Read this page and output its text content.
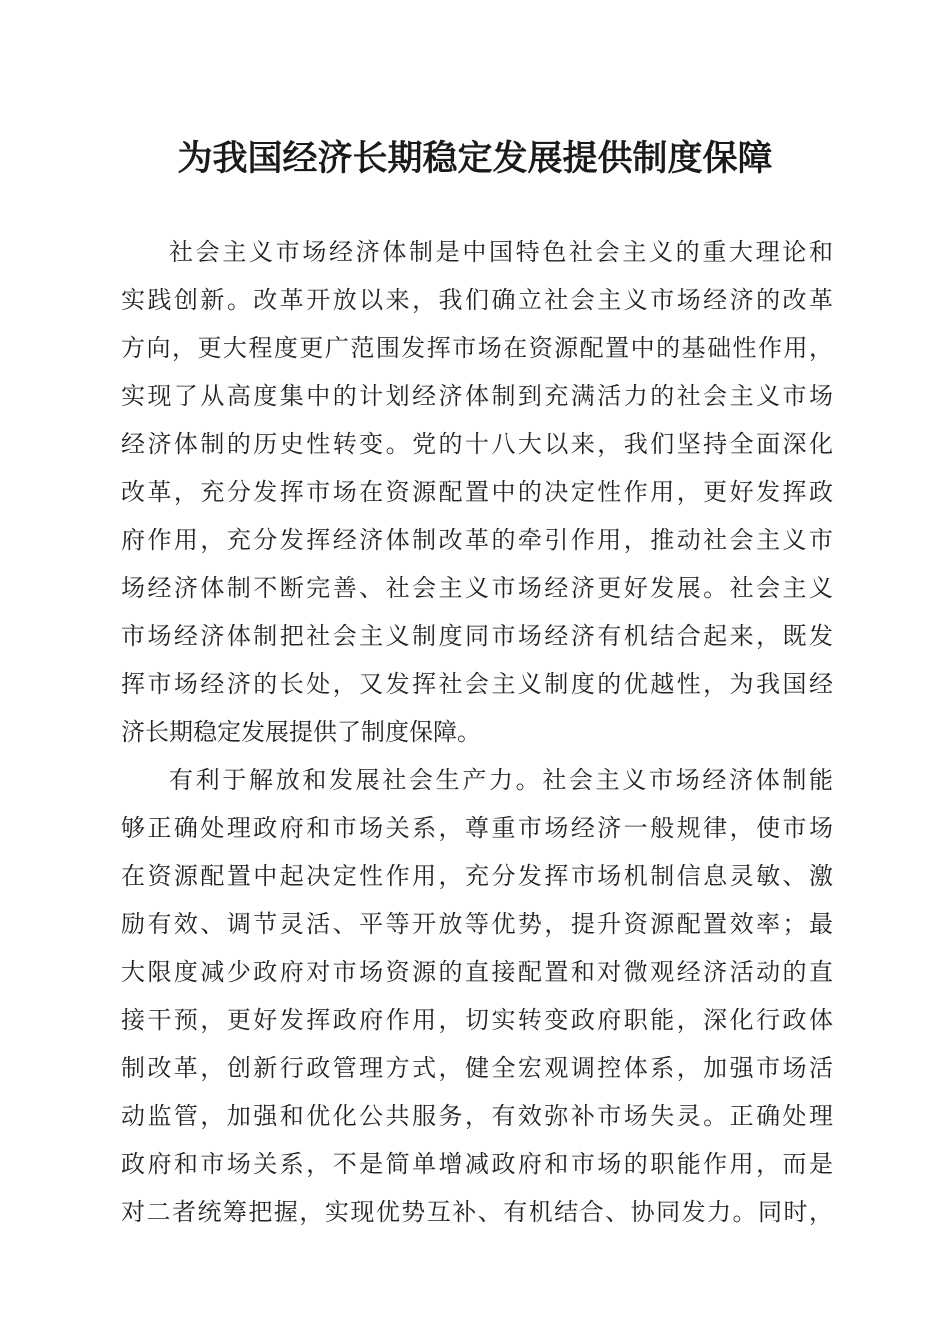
为我国经济长期稳定发展提供制度保障
社会主义市场经济体制是中国特色社会主义的重大理论和
实践创新。改革开放以来，我们确立社会主义市场经济的改革
方向，更大程度更广范围发挥市场在资源配置中的基础性作用，
实现了从高度集中的计划经济体制到充满活力的社会主义市场
经济体制的历史性转变。党的十八大以来，我们坚持全面深化
改革，充分发挥市场在资源配置中的决定性作用，更好发挥政
府作用，充分发挥经济体制改革的牵引作用，推动社会主义市
场经济体制不断完善、社会主义市场经济更好发展。社会主义
市场经济体制把社会主义制度同市场经济有机结合起来，既发
挥市场经济的长处，又发挥社会主义制度的优越性，为我国经
济长期稳定发展提供了制度保障。
有利于解放和发展社会生产力。社会主义市场经济体制能
够正确处理政府和市场关系，尊重市场经济一般规律，使市场
在资源配置中起决定性作用，充分发挥市场机制信息灵敏、激
励有效、调节灵活、平等开放等优势，提升资源配置效率；最
大限度减少政府对市场资源的直接配置和对微观经济活动的直
接干预，更好发挥政府作用，切实转变政府职能，深化行政体
制改革，创新行政管理方式，健全宏观调控体系，加强市场活
动监管，加强和优化公共服务，有效弥补市场失灵。正确处理
政府和市场关系，不是简单增减政府和市场的职能作用，而是
对二者统筹把握，实现优势互补、有机结合、协同发力。同时，
